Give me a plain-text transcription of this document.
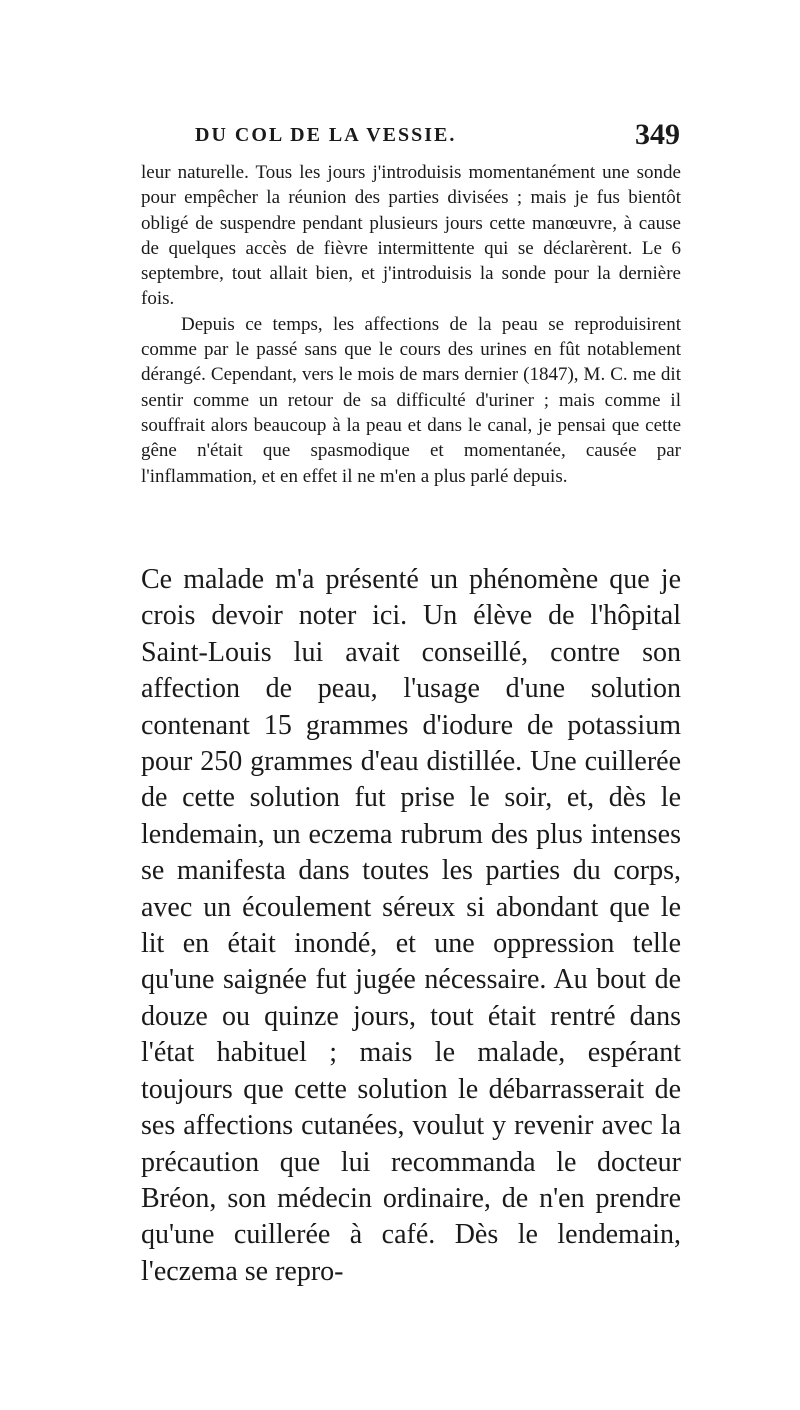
DU COL DE LA VESSIE.	349

leur naturelle. Tous les jours j'introduisis momentanément une sonde pour empêcher la réunion des parties divisées ; mais je fus bientôt obligé de suspendre pendant plusieurs jours cette manœuvre, à cause de quelques accès de fièvre intermittente qui se déclarèrent. Le 6 septembre, tout allait bien, et j'introduisis la sonde pour la dernière fois.

Depuis ce temps, les affections de la peau se reproduisirent comme par le passé sans que le cours des urines en fût notablement dérangé. Cependant, vers le mois de mars dernier (1847), M. C. me dit sentir comme un retour de sa difficulté d'uriner ; mais comme il souffrait alors beaucoup à la peau et dans le canal, je pensai que cette gêne n'était que spasmodique et momentanée, causée par l'inflammation, et en effet il ne m'en a plus parlé depuis.

Ce malade m'a présenté un phénomène que je crois devoir noter ici. Un élève de l'hôpital Saint-Louis lui avait conseillé, contre son affection de peau, l'usage d'une solution contenant 15 grammes d'iodure de potassium pour 250 grammes d'eau distillée. Une cuillerée de cette solution fut prise le soir, et, dès le lendemain, un eczema rubrum des plus intenses se manifesta dans toutes les parties du corps, avec un écoulement séreux si abondant que le lit en était inondé, et une oppression telle qu'une saignée fut jugée nécessaire. Au bout de douze ou quinze jours, tout était rentré dans l'état habituel ; mais le malade, espérant toujours que cette solution le débarrasserait de ses affections cutanées, voulut y revenir avec la précaution que lui recommanda le docteur Bréon, son médecin ordinaire, de n'en prendre qu'une cuillerée à café. Dès le lendemain, l'eczema se repro-
